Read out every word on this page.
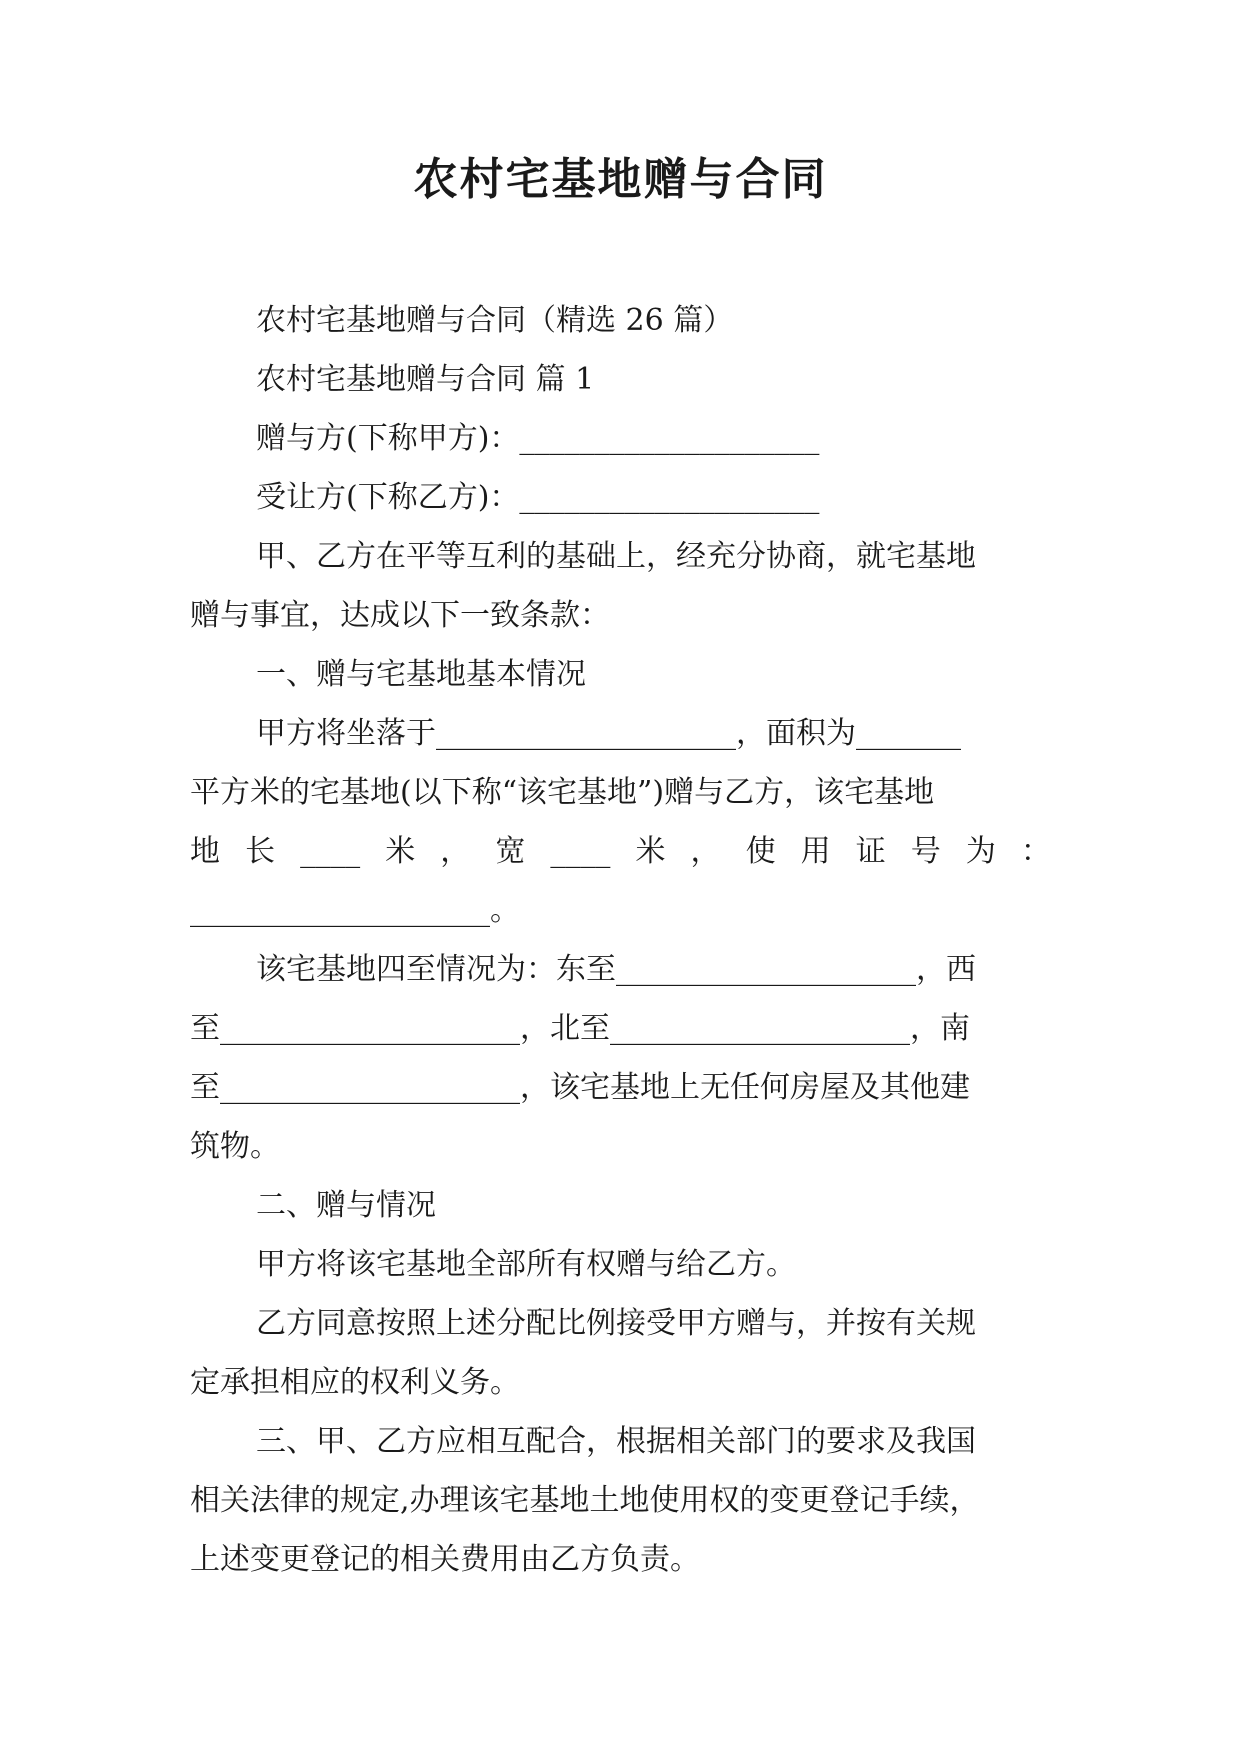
农村宅基地赠与合同
农村宅基地赠与合同（精选 26 篇）
农村宅基地赠与合同 篇 1
赠与方(下称甲方)：____________________
受让方(下称乙方)：____________________
甲、乙方在平等互利的基础上，经充分协商，就宅基地
赠与事宜，达成以下一致条款：
一、赠与宅基地基本情况
甲方将坐落于____________________，面积为_______
平方米的宅基地(以下称“该宅基地”)赠与乙方，该宅基地
地 长 ____ 米 ， 宽 ____ 米 ， 使 用 证 号 为 ：
____________________。
该宅基地四至情况为：东至____________________，西
至____________________，北至____________________，南
至____________________，该宅基地上无任何房屋及其他建
筑物。
二、赠与情况
甲方将该宅基地全部所有权赠与给乙方。
乙方同意按照上述分配比例接受甲方赠与，并按有关规
定承担相应的权利义务。
三、甲、乙方应相互配合，根据相关部门的要求及我国
相关法律的规定,办理该宅基地土地使用权的变更登记手续，
上述变更登记的相关费用由乙方负责。
